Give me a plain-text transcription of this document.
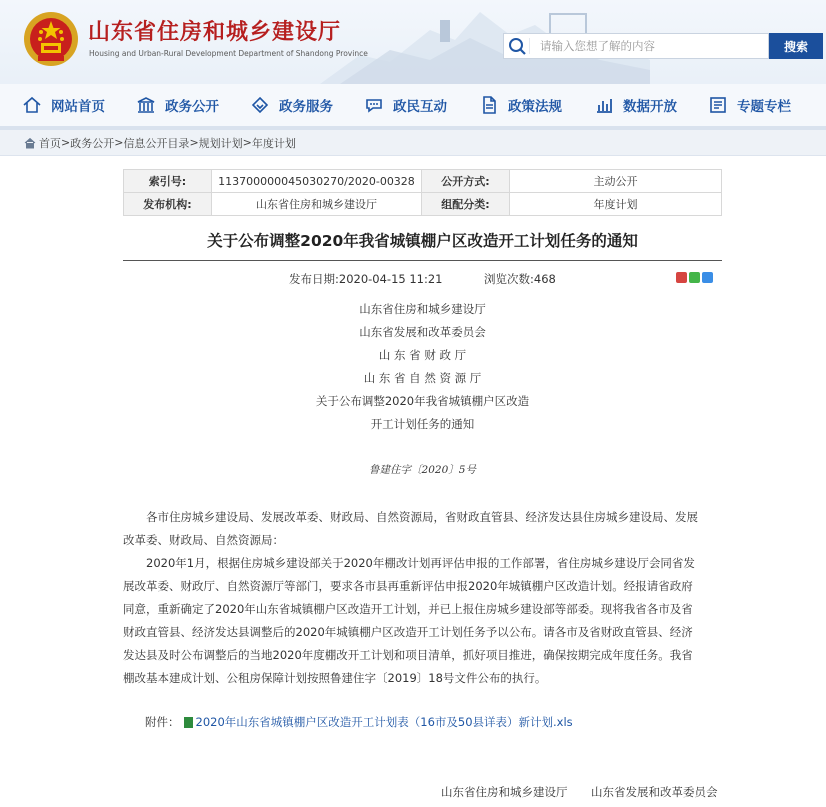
山东省住房和城乡建设厅
Housing and Urban-Rural Development Department of Shandong Province
请输入您想了解的内容	搜索
网站首页	政务公开	政务服务	政民互动	政策法规	数据开放	专题专栏
首页 > 政务公开 > 信息公开目录 > 规划计划 > 年度计划
索引号:	113700000045030270/2020-00328	公开方式:	主动公开
发布机构:	山东省住房和城乡建设厅	组配分类:	年度计划
关于公布调整2020年我省城镇棚户区改造开工计划任务的通知
发布日期:2020-04-15 11:21	浏览次数:468
山东省住房和城乡建设厅
山东省发展和改革委员会
山 东 省 财 政 厅
山 东 省 自 然 资 源 厅
关于公布调整2020年我省城镇棚户区改造
开工计划任务的通知
鲁建住字〔2020〕5号
各市住房城乡建设局、发展改革委、财政局、自然资源局，省财政直管县、经济发达县住房城乡建设局、发展
改革委、财政局、自然资源局：
2020年1月，根据住房城乡建设部关于2020年棚改计划再评估申报的工作部署，省住房城乡建设厅会同省发
展改革委、财政厅、自然资源厅等部门，要求各市县再重新评估申报2020年城镇棚户区改造计划。经报请省政府
同意，重新确定了2020年山东省城镇棚户区改造开工计划，并已上报住房城乡建设部等部委。现将我省各市及省
财政直管县、经济发达县调整后的2020年城镇棚户区改造开工计划任务予以公布。请各市及省财政直管县、经济
发达县及时公布调整后的当地2020年度棚改开工计划和项目清单，抓好项目推进，确保按期完成年度任务。我省
棚改基本建成计划、公租房保障计划按照鲁建住字〔2019〕18号文件公布的执行。
附件： 2020年山东省城镇棚户区改造开工计划表（16市及50县详表）新计划.xls
山东省住房和城乡建设厅 山东省发展和改革委员会
